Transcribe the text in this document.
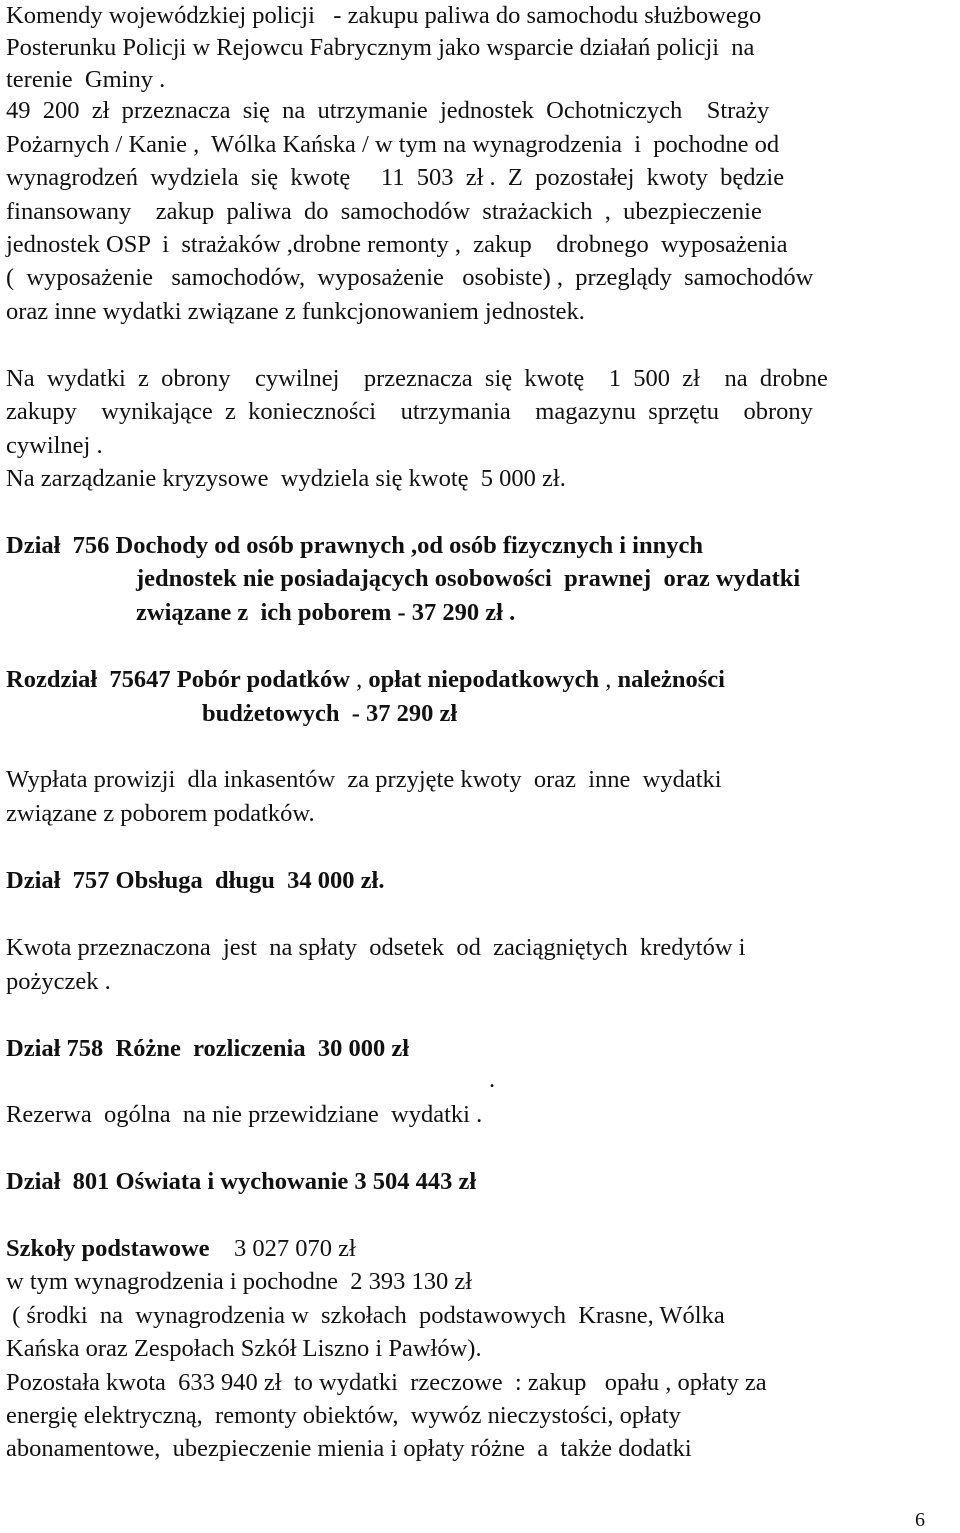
Komendy wojewódzkiej policji   - zakupu paliwa do samochodu służbowego
Posterunku Policji w Rejowcu Fabrycznym jako wsparcie działań policji  na
terenie  Gminy .
49  200  zł  przeznacza  się  na  utrzymanie  jednostek  Ochotniczych    Straży
Pożarnych / Kanie ,  Wólka Kańska / w tym na wynagrodzenia  i  pochodne od
wynagrodzeń  wydziela  się  kwotę     11  503  zł .  Z  pozostałej  kwoty  będzie
finansowany    zakup  paliwa  do  samochodów  strażackich  ,  ubezpieczenie
jednostek OSP  i  strażaków ,drobne remonty ,  zakup    drobnego  wyposażenia
(  wyposażenie   samochodów,  wyposażenie   osobiste) ,  przeglądy  samochodów
oraz inne wydatki związane z funkcjonowaniem jednostek.
Na  wydatki  z  obrony    cywilnej    przeznacza  się  kwotę    1  500  zł    na  drobne
zakupy    wynikające  z  konieczności    utrzymania    magazynu  sprzętu    obrony
cywilnej .
Na zarządzanie kryzysowe  wydziela się kwotę  5 000 zł.
Dział  756 Dochody od osób prawnych ,od osób fizycznych i innych
jednostek nie posiadających osobowości  prawnej  oraz wydatki
związane z  ich poborem - 37 290 zł .
Rozdział  75647 Pobór podatków , opłat niepodatkowych , należności
budżetowych  - 37 290 zł
Wypłata prowizji  dla inkasentów  za przyjęte kwoty  oraz  inne  wydatki
związane z poborem podatków.
Dział  757 Obsługa  długu  34 000 zł.
Kwota przeznaczona  jest  na spłaty  odsetek  od  zaciągniętych  kredytów i
pożyczek .
Dział 758  Różne  rozliczenia  30 000 zł
.
Rezerwa  ogólna  na nie przewidziane  wydatki .
Dział  801 Oświata i wychowanie 3 504 443 zł
Szkoły podstawowe    3 027 070 zł
w tym wynagrodzenia i pochodne  2 393 130 zł
( środki  na  wynagrodzenia w  szkołach  podstawowych  Krasne, Wólka
Kańska oraz Zespołach Szkół Liszno i Pawłów).
Pozostała kwota  633 940 zł  to wydatki  rzeczowe  : zakup   opału , opłaty za
energię elektryczną,  remonty obiektów,  wywóz nieczystości, opłaty
abonamentowe,  ubezpieczenie mienia i opłaty różne  a  także dodatki
6
